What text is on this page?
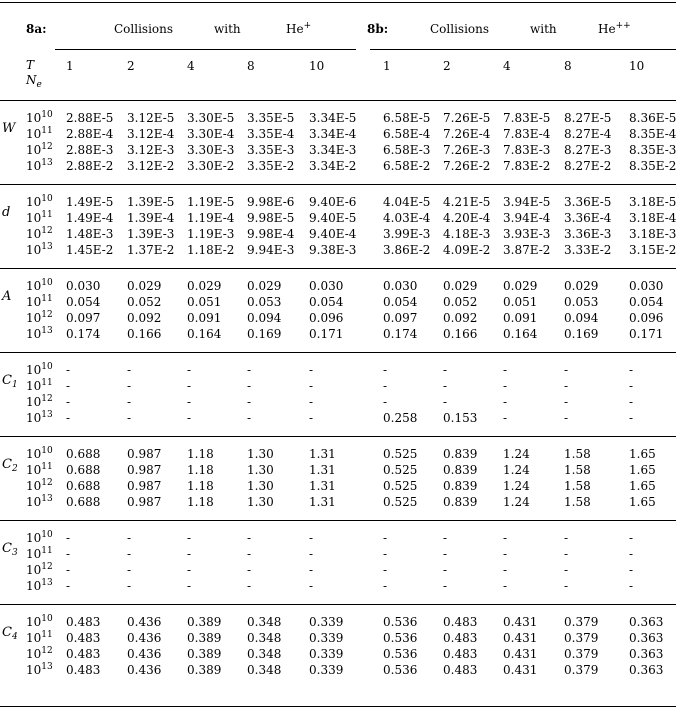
8a:	Collisions	with	He+	8b:	Collisions	with	He++
T
$N_e$
1	2	4	8	10	1	2	4	8	10
W
$10^{10}$ 2.88E-5 3.12E-5 3.30E-5 3.35E-5 3.34E-5 6.58E-5 7.26E-5 7.83E-5 8.27E-5 8.36E-5
$10^{11}$ 2.88E-4 3.12E-4 3.30E-4 3.35E-4 3.34E-4 6.58E-4 7.26E-4 7.83E-4 8.27E-4 8.35E-4
$10^{12}$ 2.88E-3 3.12E-3 3.30E-3 3.35E-3 3.34E-3 6.58E-3 7.26E-3 7.83E-3 8.27E-3 8.35E-3
$10^{13}$ 2.88E-2 3.12E-2 3.30E-2 3.35E-2 3.34E-2 6.58E-2 7.26E-2 7.83E-2 8.27E-2 8.35E-2
d
$10^{10}$ 1.49E-5 1.39E-5 1.19E-5 9.98E-6 9.40E-6 4.04E-5 4.21E-5 3.94E-5 3.36E-5 3.18E-5
$10^{11}$ 1.49E-4 1.39E-4 1.19E-4 9.98E-5 9.40E-5 4.03E-4 4.20E-4 3.94E-4 3.36E-4 3.18E-4
$10^{12}$ 1.48E-3 1.39E-3 1.19E-3 9.98E-4 9.40E-4 3.99E-3 4.18E-3 3.93E-3 3.36E-3 3.18E-3
$10^{13}$ 1.45E-2 1.37E-2 1.18E-2 9.94E-3 9.38E-3 3.86E-2 4.09E-2 3.87E-2 3.33E-2 3.15E-2
A
$10^{10}$ 0.030 0.029 0.029 0.029 0.030	0.030 0.029 0.029 0.029	0.030
$10^{11}$ 0.054 0.052 0.051 0.053 0.054	0.054 0.052 0.051 0.053	0.054
$10^{12}$ 0.097 0.092 0.091 0.094 0.096	0.097 0.092 0.091 0.094	0.096
$10^{13}$ 0.174 0.166 0.164 0.169 0.171	0.174 0.166 0.164 0.169	0.171
$C_1$
$10^{10}$ -	-	-	-	-	-	-	-	-	-
$10^{11}$ -	-	-	-	-	-	-	-	-	-
$10^{12}$ -	-	-	-	-	-	-	-	-	-
$10^{13}$ -	-	-	-	-	0.258 0.153 -	-	-
$C_2$
$10^{10}$ 0.688 0.987 1.18	1.30	1.31	0.525 0.839 1.24	1.58	1.65
$10^{11}$ 0.688 0.987 1.18	1.30	1.31	0.525 0.839 1.24	1.58	1.65
$10^{12}$ 0.688 0.987 1.18	1.30	1.31	0.525 0.839 1.24	1.58	1.65
$10^{13}$ 0.688 0.987 1.18	1.30	1.31	0.525 0.839 1.24	1.58	1.65
$C_3$
$10^{10}$ -	-	-	-	-	-	-	-	-	-
$10^{11}$ -	-	-	-	-	-	-	-	-	-
$10^{12}$ -	-	-	-	-	-	-	-	-	-
$10^{13}$ -	-	-	-	-	-	-	-	-	-
$C_4$
$10^{10}$ 0.483 0.436 0.389 0.348 0.339	0.536 0.483 0.431 0.379	0.363
$10^{11}$ 0.483 0.436 0.389 0.348 0.339	0.536 0.483 0.431 0.379	0.363
$10^{12}$ 0.483 0.436 0.389 0.348 0.339	0.536 0.483 0.431 0.379	0.363
$10^{13}$ 0.483 0.436 0.389 0.348 0.339	0.536 0.483 0.431 0.379	0.363
